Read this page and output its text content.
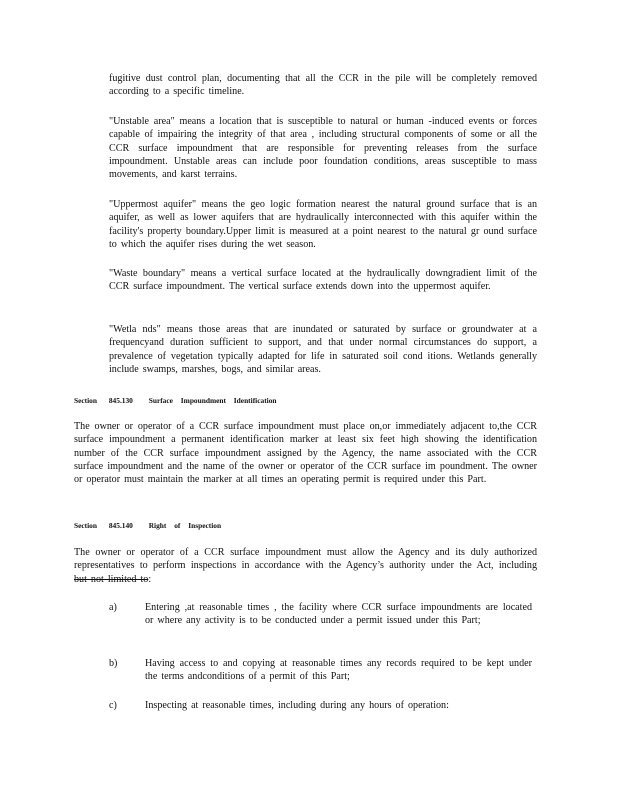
fugitive dust control plan, documenting that all the CCR in the pile will be completely removed according to a specific timeline.

"Unstable area" means a location that is susceptible to natural or human -induced events or forces capable of impairing the integrity of that area , including structural components of some or all the CCR surface impoundment that are responsible for preventing releases from the surface impoundment. Unstable areas can include poor foundation conditions, areas susceptible to mass movements, and karst terrains.

"Uppermost aquifer" means the geo logic formation nearest the natural ground surface that is an aquifer, as well as lower aquifers that are hydraulically interconnected with this aquifer within the facility's property boundary.Upper limit is measured at a point nearest to the natural gr ound surface to which the aquifer rises during the wet season.

"Waste boundary" means a vertical surface located at the hydraulically downgradient limit of the CCR surface impoundment. The vertical surface extends down into the uppermost aquifer.

"Wetla nds" means those areas that are inundated or saturated by surface or groundwater at a frequencyand duration sufficient to support, and that under normal circumstances do support, a prevalence of vegetation typically adapted for life in saturated soil cond itions. Wetlands generally include swamps, marshes, bogs, and similar areas.

Section 845.130 Surface Impoundment Identification

The owner or operator of a CCR surface impoundment must place on,or immediately adjacent to,the CCR surface impoundment a permanent identification marker at least six feet high showing the identification number of the CCR surface impoundment assigned by the Agency, the name associated with the CCR surface impoundment and the name of the owner or operator of the CCR surface im poundment. The owner or operator must maintain the marker at all times an operating permit is required under this Part.

Section 845.140 Right of Inspection

The owner or operator of a CCR surface impoundment must allow the Agency and its duly authorized representatives to perform inspections in accordance with the Agency’s authority under the Act, including but not limited to:

a)	Entering ,at reasonable times , the facility where CCR surface impoundments are located or where any activity is to be conducted under a permit issued under this Part;

b)	Having access to and copying at reasonable times any records required to be kept under the terms andconditions of a permit of this Part;

c)	Inspecting at reasonable times, including during any hours of operation:
